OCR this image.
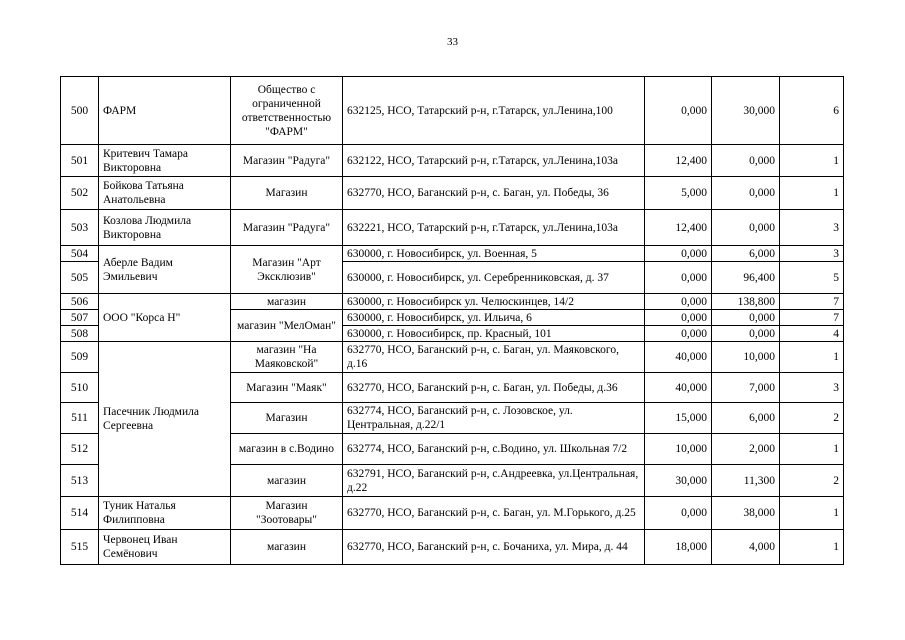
33
500	ФАРМ	Общество с ограниченной ответственностью "ФАРМ"	632125, НСО, Татарский р-н, г.Татарск, ул.Ленина,100	0,000	30,000	6
501	Критевич Тамара Викторовна	Магазин "Радуга"	632122, НСО, Татарский р-н, г.Татарск, ул.Ленина,103а	12,400	0,000	1
502	Бойкова Татьяна Анатольевна	Магазин	632770, НСО, Баганский р-н, с. Баган, ул. Победы, 36	5,000	0,000	1
503	Козлова Людмила Викторовна	Магазин "Радуга"	632221, НСО, Татарский р-н, г.Татарск, ул.Ленина,103а	12,400	0,000	3
504	Аберле Вадим Эмильевич	Магазин "Арт Эксклюзив"	630000, г. Новосибирск, ул. Военная, 5	0,000	6,000	3
505			630000, г. Новосибирск, ул. Серебренниковская, д. 37	0,000	96,400	5
506	ООО "Корса Н"	магазин	630000, г. Новосибирск ул. Челюскинцев, 14/2	0,000	138,800	7
507		магазин "МелОман"	630000, г. Новосибирск, ул. Ильича, 6	0,000	0,000	7
508			630000, г. Новосибирск, пр. Красный, 101	0,000	0,000	4
509	Пасечник Людмила Сергеевна	магазин "На Маяковской"	632770, НСО, Баганский р-н, с. Баган, ул. Маяковского, д.16	40,000	10,000	1
510		Магазин "Маяк"	632770, НСО, Баганский р-н, с. Баган, ул. Победы, д.36	40,000	7,000	3
511		Магазин	632774, НСО, Баганский р-н, с. Лозовское, ул. Центральная, д.22/1	15,000	6,000	2
512		магазин в с.Водино	632774, НСО, Баганский р-н, с.Водино, ул. Школьная 7/2	10,000	2,000	1
513		магазин	632791, НСО, Баганский р-н, с.Андреевка, ул.Центральная, д.22	30,000	11,300	2
514	Туник Наталья Филипповна	Магазин "Зоотовары"	632770, НСО, Баганский р-н, с. Баган, ул. М.Горького, д.25	0,000	38,000	1
515	Червонец Иван Семёнович	магазин	632770, НСО, Баганский р-н, с. Бочаниха, ул. Мира, д. 44	18,000	4,000	1
